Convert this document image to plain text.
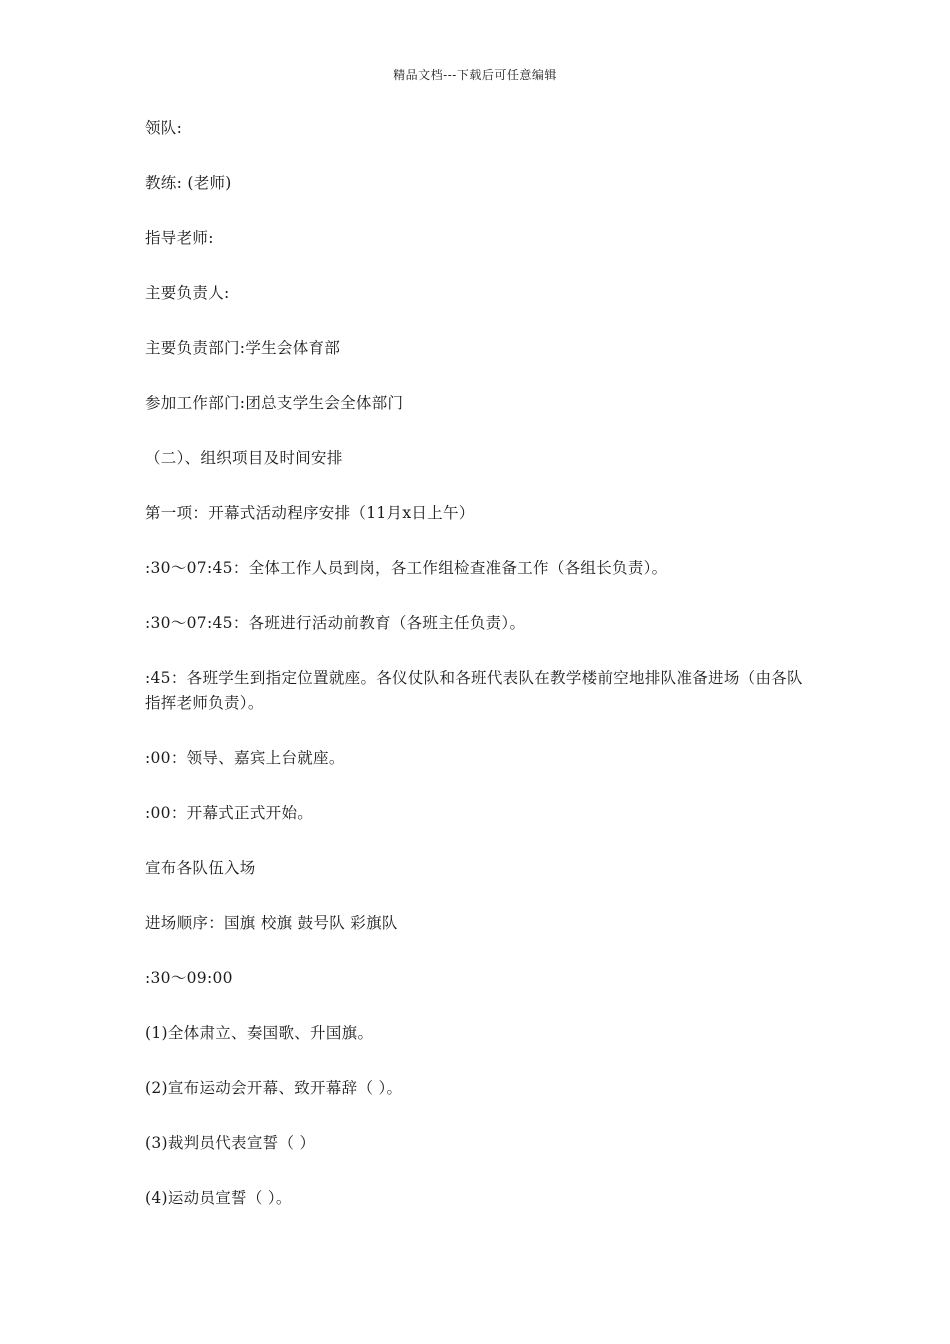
精品文档---下载后可任意编辑

领队:

教练: (老师)

指导老师:

主要负责人:

主要负责部门:学生会体育部

参加工作部门:团总支学生会全体部门

（二）、组织项目及时间安排

第一项：开幕式活动程序安排（11月x日上午）

:30～07:45：全体工作人员到岗，各工作组检查准备工作（各组长负责）。

:30～07:45：各班进行活动前教育（各班主任负责）。

:45：各班学生到指定位置就座。各仪仗队和各班代表队在教学楼前空地排队准备进场（由各队指挥老师负责）。

:00：领导、嘉宾上台就座。

:00：开幕式正式开始。

宣布各队伍入场

进场顺序：国旗 校旗 鼓号队 彩旗队

:30～09:00

(1)全体肃立、奏国歌、升国旗。

(2)宣布运动会开幕、致开幕辞（ ）。

(3)裁判员代表宣誓（ ）

(4)运动员宣誓（ ）。
